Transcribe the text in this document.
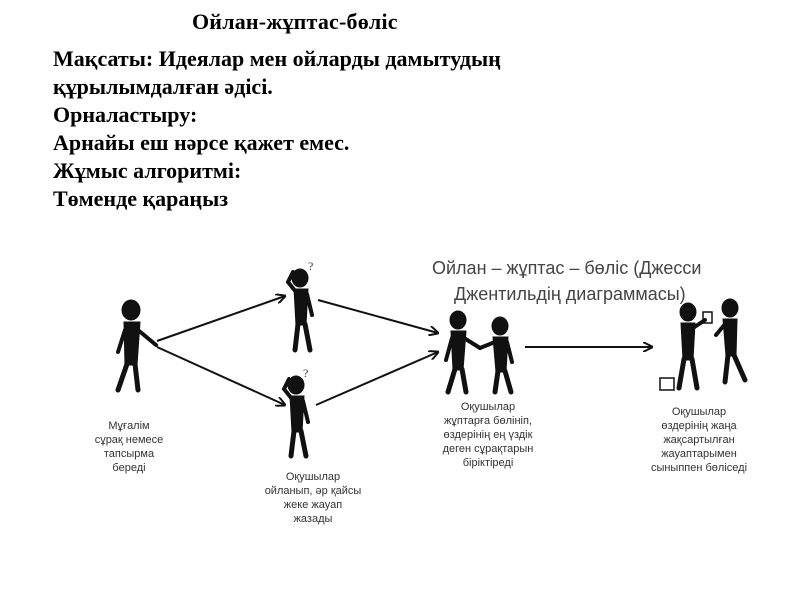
Ойлан-жұптас-бөліс
Мақсаты: Идеялар мен ойларды дамытудың
құрылымдалған әдісі.
Орналастыру:
Арнайы еш нәрсе қажет емес.
Жұмыс алгоритмі:
Төменде қараңыз
?
?
Ойлан – жұптас – бөліс (Джесси
Джентильдің диаграммасы)
Мұғалім
сұрақ немесе
тапсырма
береді
Оқушылар
ойланып, әр қайсы
жеке жауап
жазады
Оқушылар
жұптарға бөлініп,
өздерінің ең үздік
деген сұрақтарын
біріктіреді
Оқушылар
өздерінің жаңа
жақсартылған
жауаптарымен
сыныппен бөліседі
